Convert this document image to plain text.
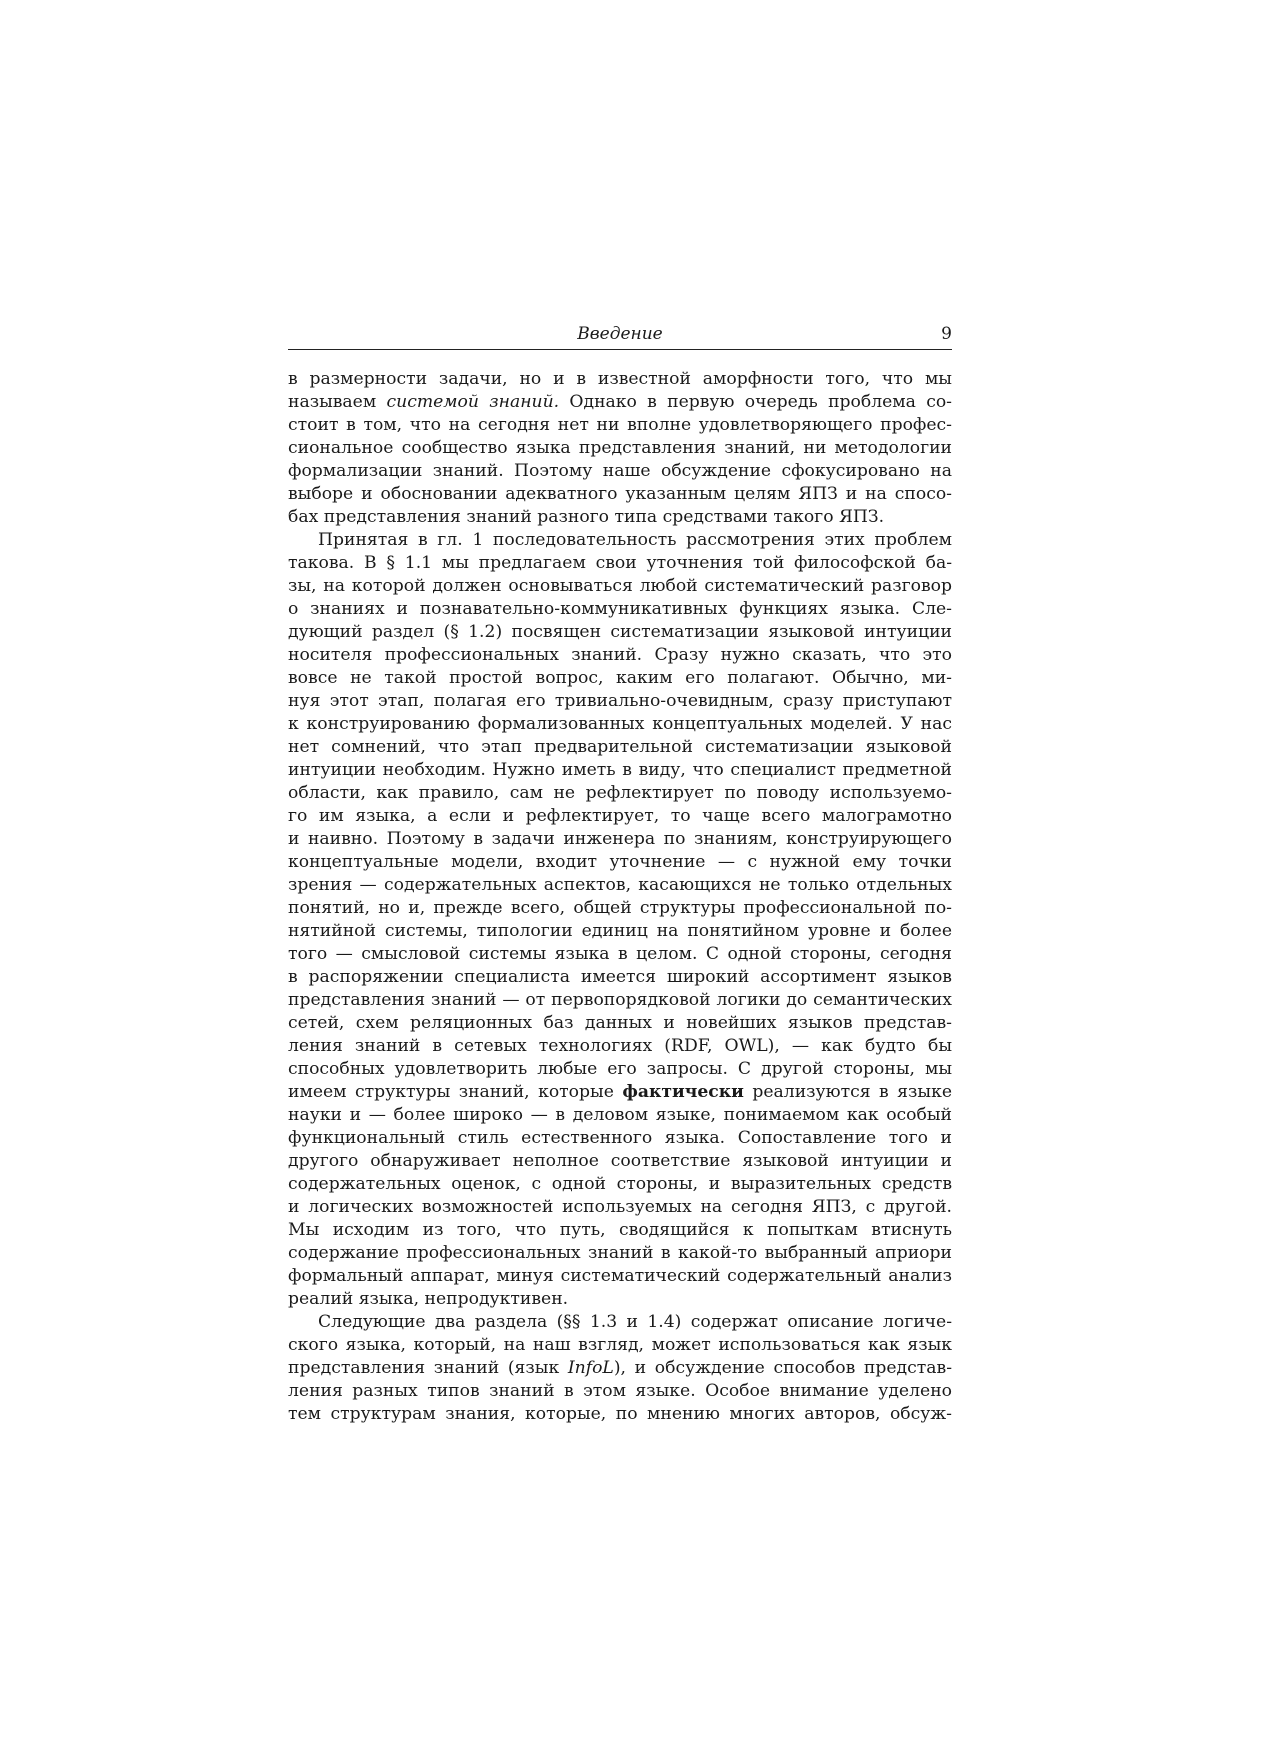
Введение	9
в размерности задачи, но и в известной аморфности того, что мы
называем системой знаний. Однако в первую очередь проблема со-
стоит в том, что на сегодня нет ни вполне удовлетворяющего профес-
сиональное сообщество языка представления знаний, ни методологии
формализации знаний. Поэтому наше обсуждение сфокусировано на
выборе и обосновании адекватного указанным целям ЯПЗ и на спосо-
бах представления знаний разного типа средствами такого ЯПЗ.
Принятая в гл. 1 последовательность рассмотрения этих проблем
такова. В § 1.1 мы предлагаем свои уточнения той философской ба-
зы, на которой должен основываться любой систематический разговор
о знаниях и познавательно-коммуникативных функциях языка. Сле-
дующий раздел (§ 1.2) посвящен систематизации языковой интуиции
носителя профессиональных знаний. Сразу нужно сказать, что это
вовсе не такой простой вопрос, каким его полагают. Обычно, ми-
нуя этот этап, полагая его тривиально-очевидным, сразу приступают
к конструированию формализованных концептуальных моделей. У нас
нет сомнений, что этап предварительной систематизации языковой
интуиции необходим. Нужно иметь в виду, что специалист предметной
области, как правило, сам не рефлектирует по поводу используемо-
го им языка, а если и рефлектирует, то чаще всего малограмотно
и наивно. Поэтому в задачи инженера по знаниям, конструирующего
концептуальные модели, входит уточнение — с нужной ему точки
зрения — содержательных аспектов, касающихся не только отдельных
понятий, но и, прежде всего, общей структуры профессиональной по-
нятийной системы, типологии единиц на понятийном уровне и более
того — смысловой системы языка в целом. С одной стороны, сегодня
в распоряжении специалиста имеется широкий ассортимент языков
представления знаний — от первопорядковой логики до семантических
сетей, схем реляционных баз данных и новейших языков представ-
ления знаний в сетевых технологиях (RDF, OWL), — как будто бы
способных удовлетворить любые его запросы. С другой стороны, мы
имеем структуры знаний, которые фактически реализуются в языке
науки и — более широко — в деловом языке, понимаемом как особый
функциональный стиль естественного языка. Сопоставление того и
другого обнаруживает неполное соответствие языковой интуиции и
содержательных оценок, с одной стороны, и выразительных средств
и логических возможностей используемых на сегодня ЯПЗ, с другой.
Мы исходим из того, что путь, сводящийся к попыткам втиснуть
содержание профессиональных знаний в какой-то выбранный априори
формальный аппарат, минуя систематический содержательный анализ
реалий языка, непродуктивен.
Следующие два раздела (§§ 1.3 и 1.4) содержат описание логиче-
ского языка, который, на наш взгляд, может использоваться как язык
представления знаний (язык InfoL), и обсуждение способов представ-
ления разных типов знаний в этом языке. Особое внимание уделено
тем структурам знания, которые, по мнению многих авторов, обсуж-
